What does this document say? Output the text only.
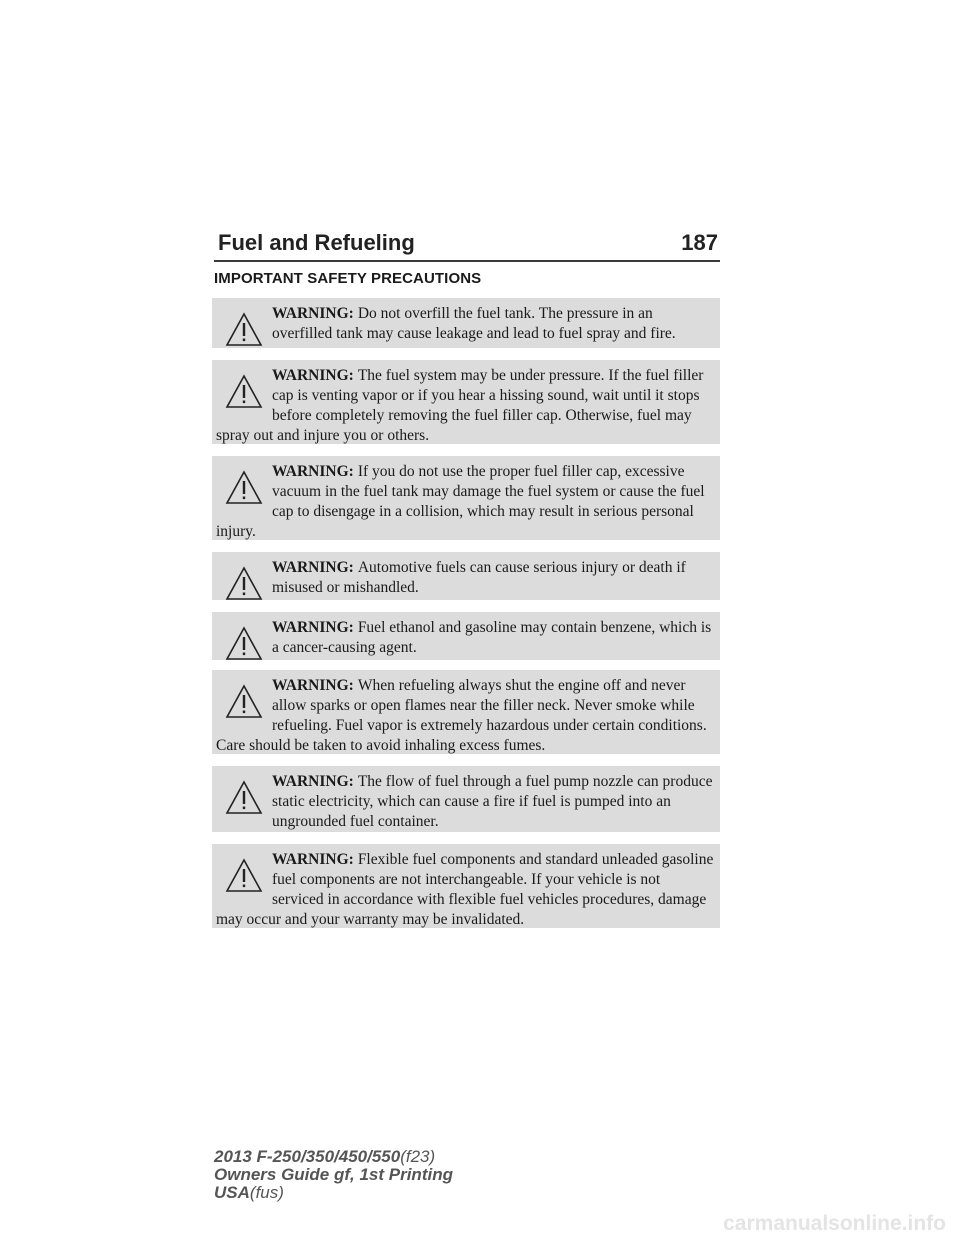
Fuel and Refueling	187
IMPORTANT SAFETY PRECAUTIONS
WARNING: Do not overfill the fuel tank. The pressure in an overfilled tank may cause leakage and lead to fuel spray and fire.
WARNING: The fuel system may be under pressure. If the fuel filler cap is venting vapor or if you hear a hissing sound, wait until it stops before completely removing the fuel filler cap. Otherwise, fuel may spray out and injure you or others.
WARNING: If you do not use the proper fuel filler cap, excessive vacuum in the fuel tank may damage the fuel system or cause the fuel cap to disengage in a collision, which may result in serious personal injury.
WARNING: Automotive fuels can cause serious injury or death if misused or mishandled.
WARNING: Fuel ethanol and gasoline may contain benzene, which is a cancer-causing agent.
WARNING: When refueling always shut the engine off and never allow sparks or open flames near the filler neck. Never smoke while refueling. Fuel vapor is extremely hazardous under certain conditions. Care should be taken to avoid inhaling excess fumes.
WARNING: The flow of fuel through a fuel pump nozzle can produce static electricity, which can cause a fire if fuel is pumped into an ungrounded fuel container.
WARNING: Flexible fuel components and standard unleaded gasoline fuel components are not interchangeable. If your vehicle is not serviced in accordance with flexible fuel vehicles procedures, damage may occur and your warranty may be invalidated.
2013 F-250/350/450/550(f23)
Owners Guide gf, 1st Printing
USA(fus)
carmanualsonline.info
